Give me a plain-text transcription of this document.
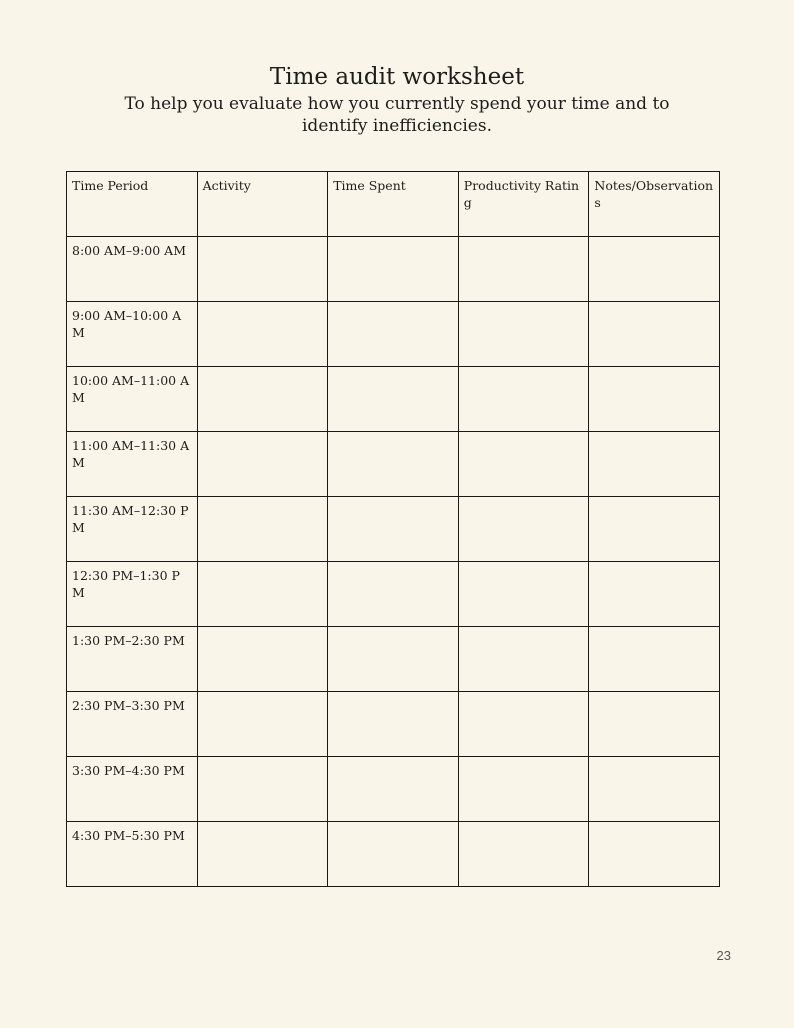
Time audit worksheet

To help you evaluate how you currently spend your time and to identify inefficiencies.

Time Period	Activity	Time Spent	Productivity Rating	Notes/Observations
8:00 AM–9:00 AM				
9:00 AM–10:00 AM				
10:00 AM–11:00 AM				
11:00 AM–11:30 AM				
11:30 AM–12:30 PM				
12:30 PM–1:30 PM				
1:30 PM–2:30 PM				
2:30 PM–3:30 PM				
3:30 PM–4:30 PM				
4:30 PM–5:30 PM				
23
